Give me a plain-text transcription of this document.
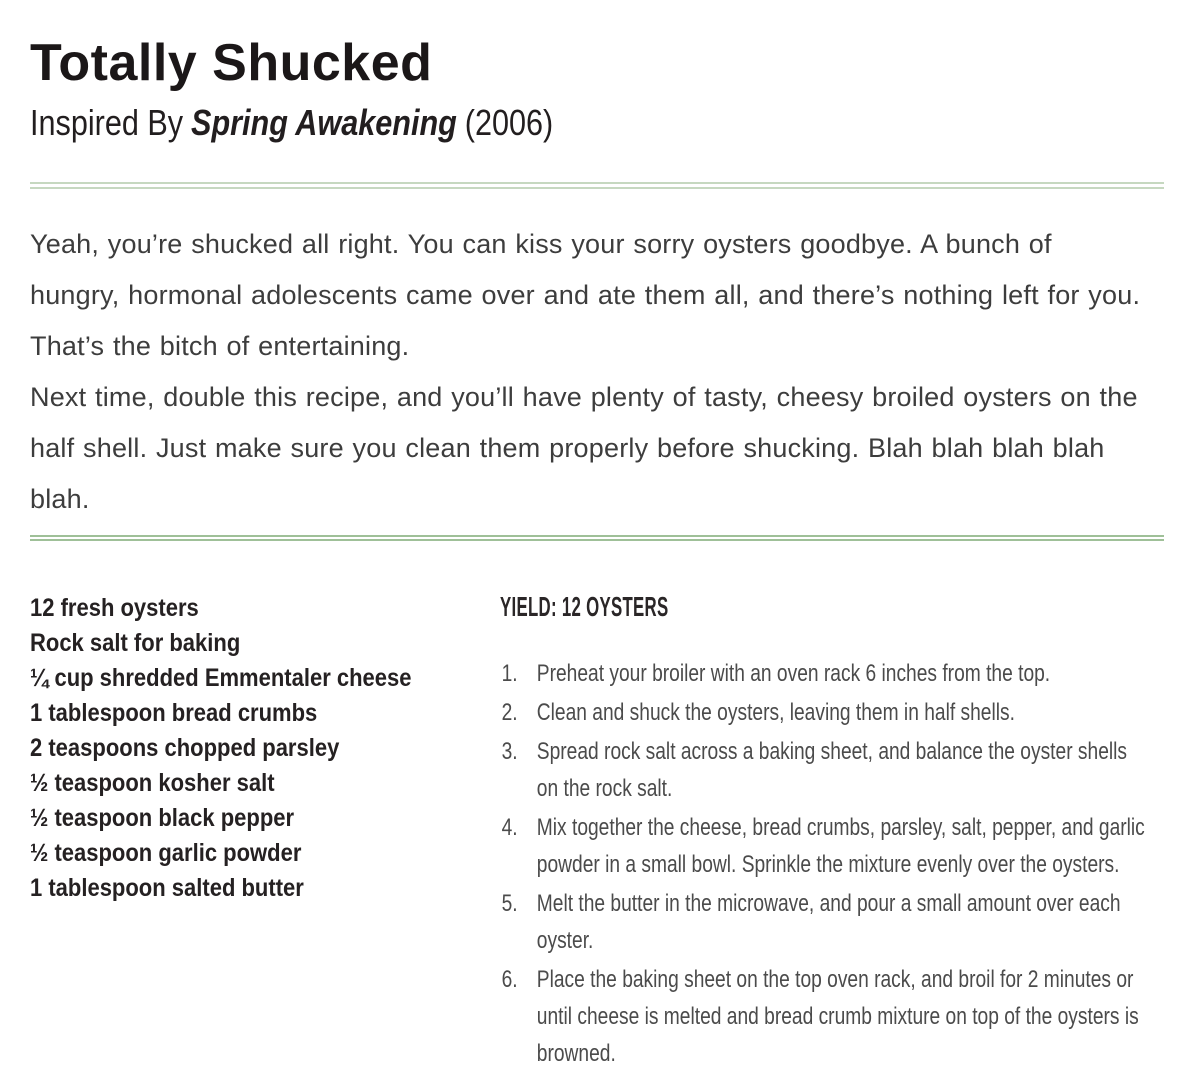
Totally Shucked
Inspired By Spring Awakening (2006)

Yeah, you’re shucked all right. You can kiss your sorry oysters goodbye. A bunch of hungry, hormonal adolescents came over and ate them all, and there’s nothing left for you. That’s the bitch of entertaining.

Next time, double this recipe, and you’ll have plenty of tasty, cheesy broiled oysters on the half shell. Just make sure you clean them properly before shucking. Blah blah blah blah blah.

12 fresh oysters
Rock salt for baking
¼ cup shredded Emmentaler cheese
1 tablespoon bread crumbs
2 teaspoons chopped parsley
½ teaspoon kosher salt
½ teaspoon black pepper
½ teaspoon garlic powder
1 tablespoon salted butter
YIELD: 12 OYSTERS
Preheat your broiler with an oven rack 6 inches from the top.
Clean and shuck the oysters, leaving them in half shells.
Spread rock salt across a baking sheet, and balance the oyster shells on the rock salt.
Mix together the cheese, bread crumbs, parsley, salt, pepper, and garlic powder in a small bowl. Sprinkle the mixture evenly over the oysters.
Melt the butter in the microwave, and pour a small amount over each oyster.
Place the baking sheet on the top oven rack, and broil for 2 minutes or until cheese is melted and bread crumb mixture on top of the oysters is browned.
